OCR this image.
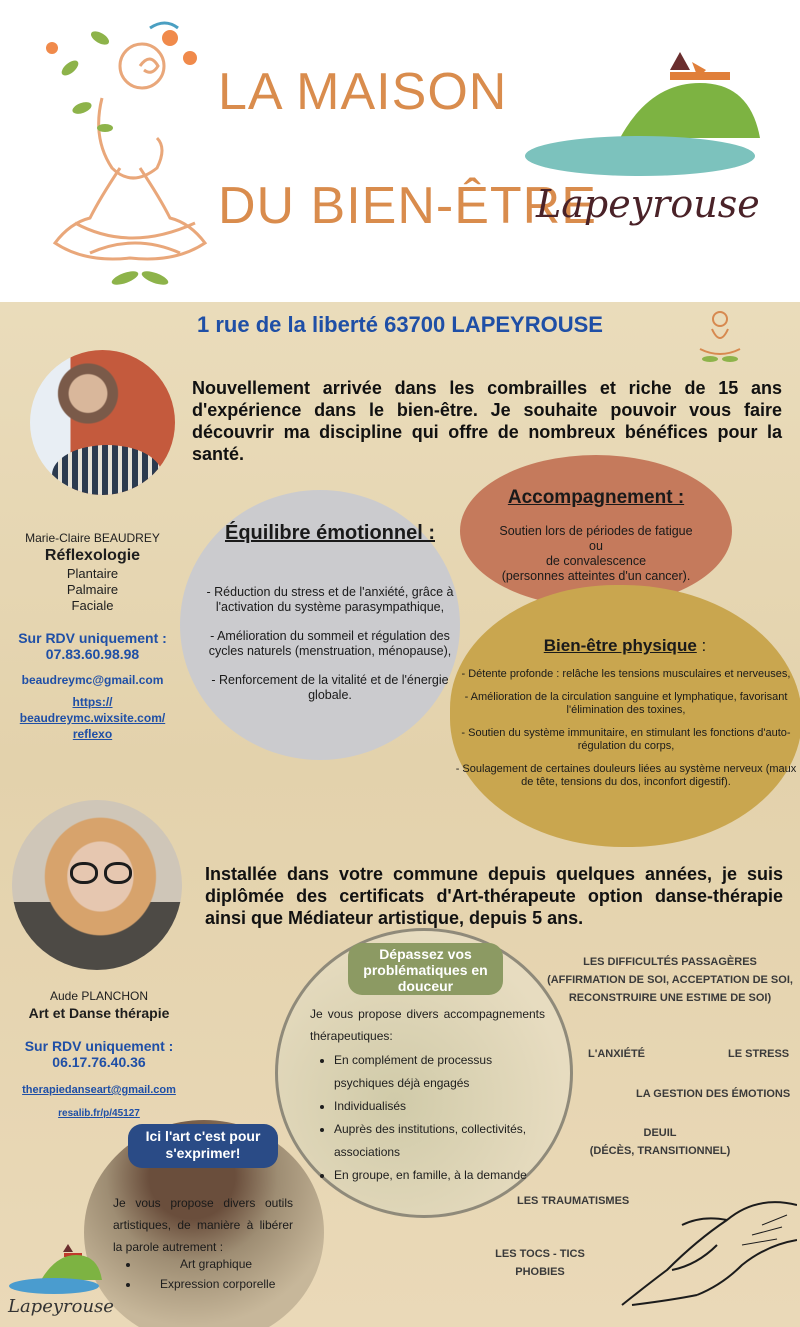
LA MAISON
DU BIEN-ÊTRE
Lapeyrouse
1 rue de la liberté 63700 LAPEYROUSE
Nouvellement arrivée dans les combrailles et riche de 15 ans d'expérience dans le bien-être. Je souhaite pouvoir vous faire découvrir ma discipline qui offre de nombreux bénéfices pour la santé.
Marie-Claire BEAUDREY
Réflexologie
Plantaire
Palmaire
Faciale
Sur RDV uniquement :
07.83.60.98.98
beaudreymc@gmail.com
https://
beaudreymc.wixsite.com/
reflexo
Équilibre émotionnel :
- Réduction du stress et de l'anxiété, grâce à l'activation du système parasympathique,
- Amélioration du sommeil et régulation des cycles naturels (menstruation, ménopause),
- Renforcement de la vitalité et de l'énergie globale.
Accompagnement :
Soutien lors de périodes de fatigue
ou
de convalescence
(personnes atteintes d'un cancer).
Bien-être physique :
- Détente profonde : relâche les tensions musculaires et nerveuses,
- Amélioration de la circulation sanguine et lymphatique, favorisant l'élimination des toxines,
- Soutien du système immunitaire, en stimulant les fonctions d'auto-régulation du corps,
- Soulagement de certaines douleurs liées au système nerveux (maux de tête, tensions du dos, inconfort digestif).
Installée dans votre commune depuis quelques années, je suis diplômée des certificats d'Art-thérapeute option danse-thérapie ainsi que Médiateur artistique, depuis 5 ans.
Aude PLANCHON
Art et Danse thérapie
Sur RDV uniquement :
06.17.76.40.36
therapiedanseart@gmail.com
resalib.fr/p/45127
Dépassez vos problématiques en douceur
Je vous propose divers accompagnements thérapeutiques:
• En complément de processus psychiques déjà engagés
• Individualisés
• Auprès des institutions, collectivités, associations
• En groupe, en famille, à la demande
Ici l'art c'est pour s'exprimer!
Je vous propose divers outils artistiques, de manière à libérer la parole autrement :
• Art graphique
• Expression corporelle
LES DIFFICULTÉS PASSAGÈRES
(AFFIRMATION DE SOI, ACCEPTATION DE SOI,
RECONSTRUIRE UNE ESTIME DE SOI)
L'ANXIÉTÉ	LE STRESS
LA GESTION DES ÉMOTIONS
DEUIL
(DÉCÈS, TRANSITIONNEL)
LES TRAUMATISMES
LES TOCS - TICS
PHOBIES
Lapeyrouse
